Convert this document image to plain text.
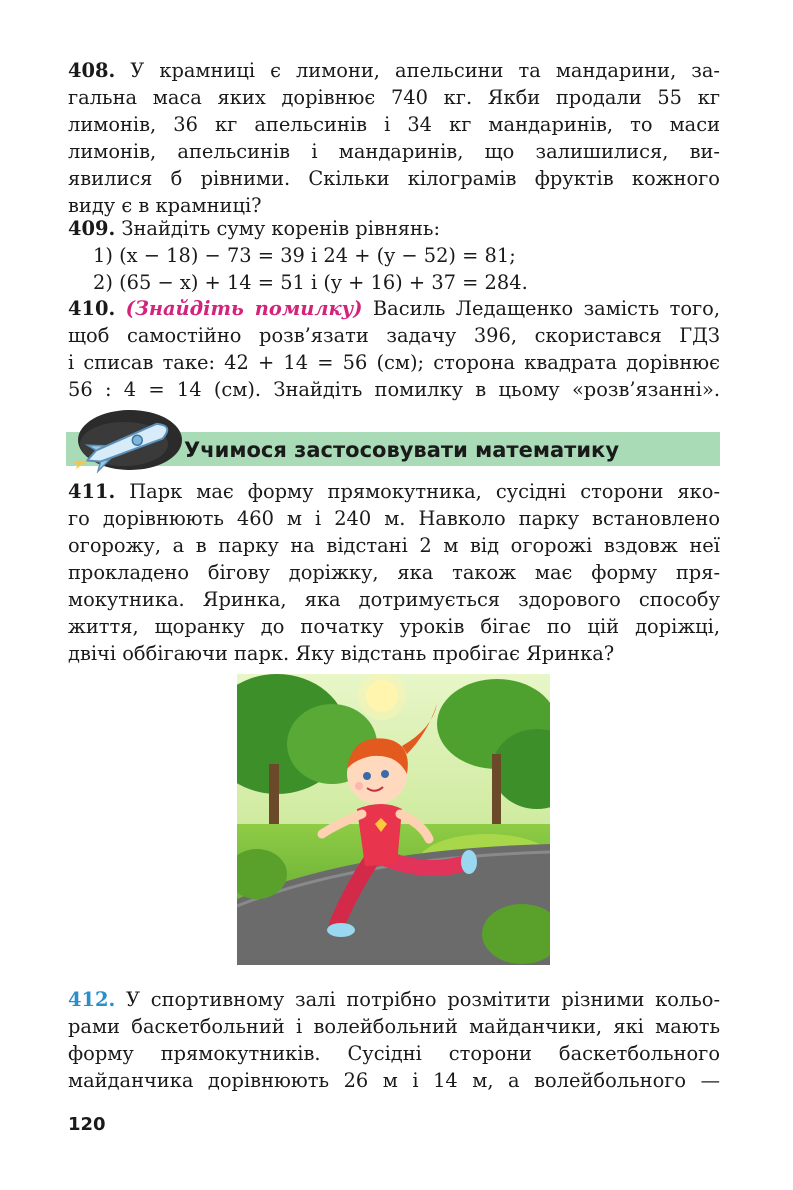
408. У крамниці є лимони, апельсини та мандарини, за-
гальна маса яких дорівнює 740 кг. Якби продали 55 кг
лимонів, 36 кг апельсинів і 34 кг мандаринів, то маси
лимонів, апельсинів і мандаринів, що залишилися, ви-
явилися б рівними. Скільки кілограмів фруктів кожного
виду є в крамниці?
409. Знайдіть суму коренів рівнянь:
1) (x − 18) − 73 = 39 і 24 + (y − 52) = 81;
2) (65 − x) + 14 = 51 і (y + 16) + 37 = 284.
410. (Знайдіть помилку) Василь Ледащенко замість того,
щоб самостійно розв’язати задачу 396, скористався ГДЗ
і списав таке: 42 + 14 = 56 (см); сторона квадрата дорівнює
56 : 4 = 14 (см). Знайдіть помилку в цьому «розв’язанні».
Учимося застосовувати математику
411. Парк має форму прямокутника, сусідні сторони яко-
го дорівнюють 460 м і 240 м. Навколо парку встановлено
огорожу, а в парку на відстані 2 м від огорожі вздовж неї
прокладено бігову доріжку, яка також має форму пря-
мокутника. Яринка, яка дотримується здорового способу
життя, щоранку до початку уроків бігає по цій доріжці,
двічі оббігаючи парк. Яку відстань пробігає Яринка?
412. У спортивному залі потрібно розмітити різними кольо-
рами баскетбольний і волейбольний майданчики, які мають
форму прямокутників. Сусідні сторони баскетбольного
майданчика дорівнюють 26 м і 14 м, а волейбольного —
120
